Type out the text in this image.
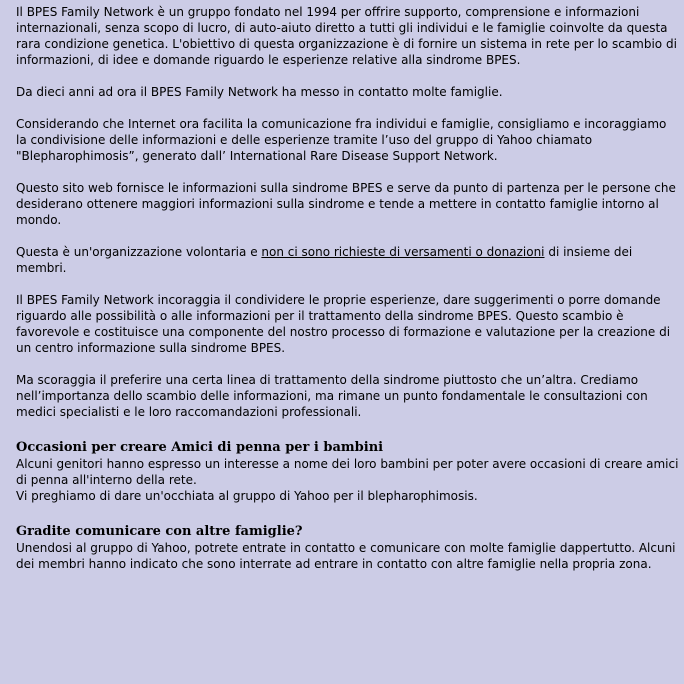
Il BPES Family Network è un gruppo fondato nel 1994 per offrire supporto, comprensione e informazioni internazionali, senza scopo di lucro, di auto-aiuto diretto a tutti gli individui e le famiglie coinvolte da questa rara condizione genetica. L'obiettivo di questa organizzazione è di fornire un sistema in rete per lo scambio di informazioni, di idee e domande riguardo le esperienze relative alla sindrome BPES.

Da dieci anni ad ora il BPES Family Network ha messo in contatto molte famiglie.

Considerando che Internet ora facilita la comunicazione fra individui e famiglie, consigliamo e incoraggiamo la condivisione delle informazioni e delle esperienze tramite l’uso del gruppo di Yahoo chiamato "Blepharophimosis”, generato dall’ International Rare Disease Support Network.

Questo sito web fornisce le informazioni sulla sindrome BPES e serve da punto di partenza per le persone che desiderano ottenere maggiori informazioni sulla sindrome e tende a mettere in contatto famiglie intorno al mondo.

Questa è un'organizzazione volontaria e non ci sono richieste di versamenti o donazioni di insieme dei membri.

Il BPES Family Network incoraggia il condividere le proprie esperienze, dare suggerimenti o porre domande riguardo alle possibilità o alle informazioni per il trattamento della sindrome BPES. Questo scambio è favorevole e costituisce una componente del nostro processo di formazione e valutazione per la creazione di un centro informazione sulla sindrome BPES.

Ma scoraggia il preferire una certa linea di trattamento della sindrome piuttosto che un’altra. Crediamo nell’importanza dello scambio delle informazioni, ma rimane un punto fondamentale le consultazioni con medici specialisti e le loro raccomandazioni professionali.

Occasioni per creare Amici di penna per i bambini
Alcuni genitori hanno espresso un interesse a nome dei loro bambini per poter avere occasioni di creare amici di penna all'interno della rete.
Vi preghiamo di dare un'occhiata al gruppo di Yahoo per il blepharophimosis.
Gradite comunicare con altre famiglie?
Unendosi al gruppo di Yahoo, potrete entrate in contatto e comunicare con molte famiglie dappertutto. Alcuni dei membri hanno indicato che sono interrate ad entrare in contatto con altre famiglie nella propria zona.
